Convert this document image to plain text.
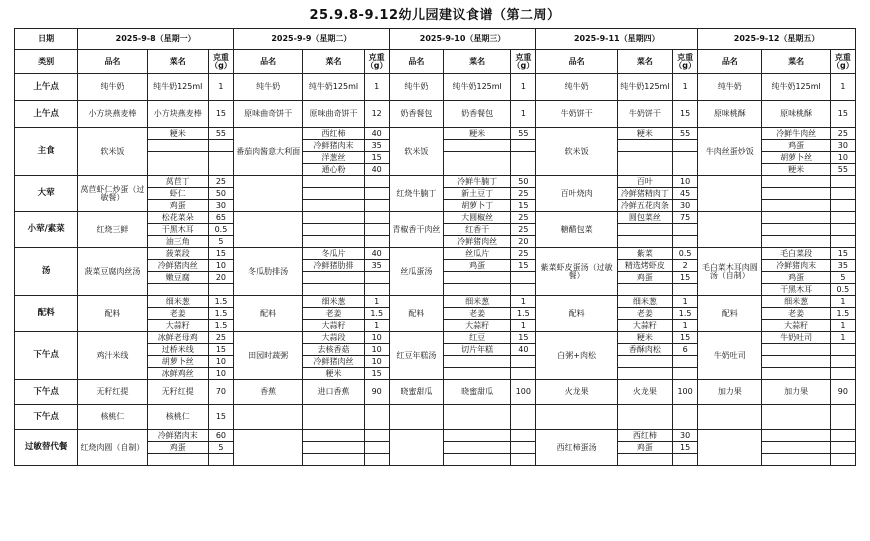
25.9.8-9.12幼儿园建议食谱（第二周）
日期	2025-9-8（星期一）			2025-9-9（星期二）			2025-9-10（星期三）			2025-9-11（星期四）			2025-9-12（星期五）		
类别	品名	菜名	克重（g）	品名	菜名	克重（g）	品名	菜名	克重（g）	品名	菜名	克重（g）	品名	菜名	克重（g）
上午点	纯牛奶	纯牛奶125ml	1	纯牛奶	纯牛奶125ml	1	纯牛奶	纯牛奶125ml	1	纯牛奶	纯牛奶125ml	1	纯牛奶	纯牛奶125ml	1
上午点	小方块燕麦棒	小方块燕麦棒	15	原味曲奇饼干	原味曲奇饼干	12	奶香餐包	奶香餐包	1	牛奶饼干	牛奶饼干	15	原味桃酥	原味桃酥	15
主食	软米饭	粳米	55	番茄肉酱意大利面	西红柿	40	软米饭	粳米	55	软米饭	粳米	55	牛肉丝蛋炒饭	冷鲜牛肉丝	25
					冷鲜猪肉末	35								鸡蛋	30
					洋葱丝	15								胡萝卜丝	10
					通心粉	40								粳米	55
大荤	莴苣虾仁炒蛋（过敏餐）	莴苣丁	25				红烧牛腩丁	冷鲜牛腩丁	50	百叶烧肉	百叶	10			
		虾仁	50					新土豆丁	25		冷鲜猪精肉丁	45			
		鸡蛋	30					胡萝卜丁	15		冷鲜五花肉条	30			
小荤/素菜	红烧三鲜	松花菜朵	65				青椒香干肉丝	大圆椒丝	25	糖醋包菜	圆包菜丝	75			
		干黑木耳	0.5					红香干	25						
		油三角	5					冷鲜猪肉丝	20						
汤	菠菜豆腐肉丝汤	菠菜段	15	冬瓜肋排汤	冬瓜片	40	丝瓜蛋汤	丝瓜片	25	紫菜虾皮蛋汤（过敏餐）	紫菜	0.5	毛白菜木耳肉圆汤（自制）	毛白菜段	15
		冷鲜猪肉丝	10		冷鲜猪肋排	35		鸡蛋	15		精选烤虾皮	2		冷鲜猪肉末	35
		嫩豆腐	20								鸡蛋	15		鸡蛋	5
														干黑木耳	0.5
配料	配料	细米葱	1.5	配料	细米葱	1	配料	细米葱	1	配料	细米葱	1	配料	细米葱	1
		老姜	1.5		老姜	1.5		老姜	1.5		老姜	1.5		老姜	1.5
		大蒜籽	1.5		大蒜籽	1		大蒜籽	1		大蒜籽	1		大蒜籽	1
下午点	鸡汁米线	冰鲜老母鸡	25	田园时蔬粥	大蒜段	10	红豆年糕汤	红豆	15	白粥+肉松	粳米	15	牛奶吐司	牛奶吐司	1
		过桥米线	15		去核香菇	10		切片年糕	40		香酥肉松	6			
		胡萝卜丝	10		冷鲜猪肉丝	10									
		冰鲜鸡丝	10		粳米	15									
下午点	无籽红提	无籽红提	70	香蕉	进口香蕉	90	晓蜜甜瓜	晓蜜甜瓜	100	火龙果	火龙果	100	加力果	加力果	90
下午点	核桃仁	核桃仁	15												
过敏替代餐	红烧肉圆（自制）	冷鲜猪肉末	60							西红柿蛋汤	西红柿	30			
		鸡蛋	5								鸡蛋	15			
